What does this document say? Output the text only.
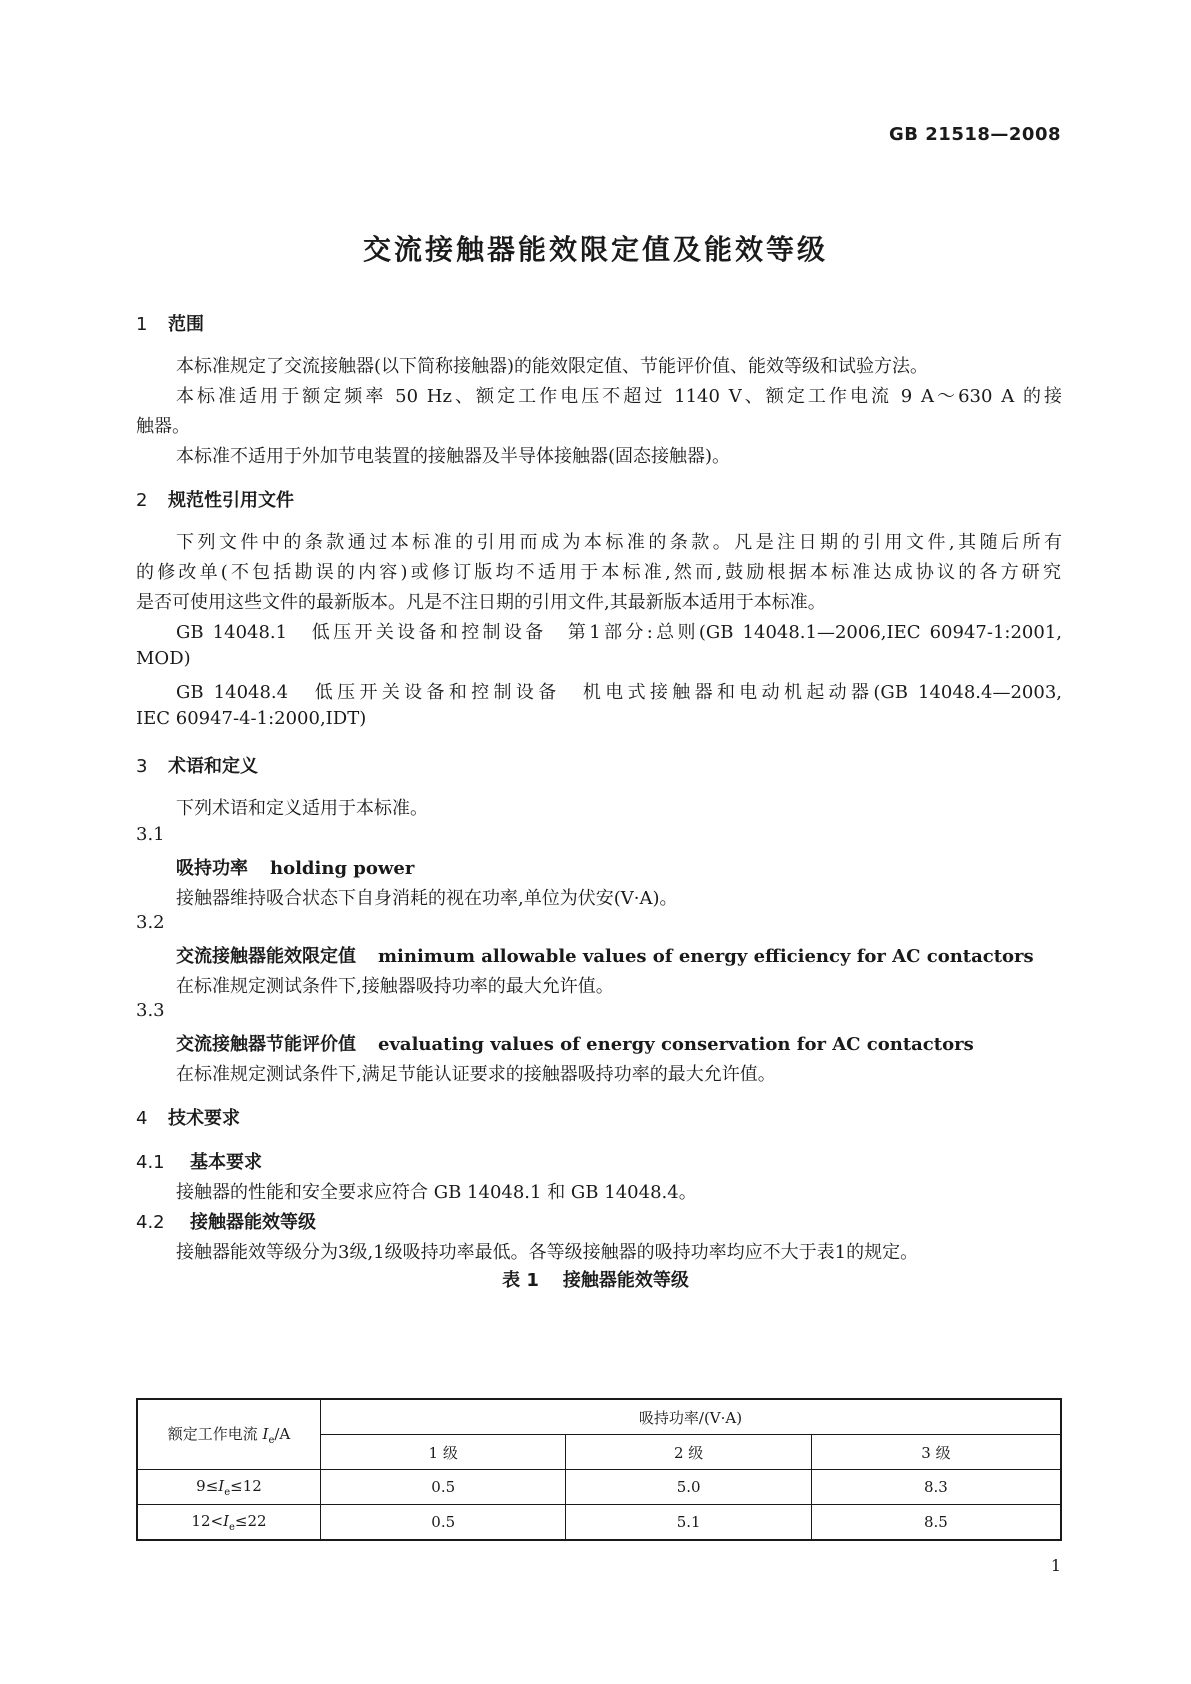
GB 21518—2008
交流接触器能效限定值及能效等级
1 范围
本标准规定了交流接触器(以下简称接触器)的能效限定值、节能评价值、能效等级和试验方法。
本标准适用于额定频率 50 Hz、额定工作电压不超过 1140 V、额定工作电流 9 A～630 A 的接
触器。
本标准不适用于外加节电装置的接触器及半导体接触器(固态接触器)。
2 规范性引用文件
下列文件中的条款通过本标准的引用而成为本标准的条款。凡是注日期的引用文件,其随后所有
的修改单(不包括勘误的内容)或修订版均不适用于本标准,然而,鼓励根据本标准达成协议的各方研究
是否可使用这些文件的最新版本。凡是不注日期的引用文件,其最新版本适用于本标准。
GB 14048.1　低压开关设备和控制设备　第1部分:总则(GB 14048.1—2006,IEC 60947-1:2001,
MOD)
GB 14048.4　低压开关设备和控制设备　机电式接触器和电动机起动器(GB 14048.4—2003,
IEC 60947-4-1:2000,IDT)
3 术语和定义
下列术语和定义适用于本标准。
3.1
吸持功率 holding power
接触器维持吸合状态下自身消耗的视在功率,单位为伏安(V·A)。
3.2
交流接触器能效限定值 minimum allowable values of energy efficiency for AC contactors
在标准规定测试条件下,接触器吸持功率的最大允许值。
3.3
交流接触器节能评价值 evaluating values of energy conservation for AC contactors
在标准规定测试条件下,满足节能认证要求的接触器吸持功率的最大允许值。
4 技术要求
4.1 基本要求
接触器的性能和安全要求应符合 GB 14048.1 和 GB 14048.4。
4.2 接触器能效等级
接触器能效等级分为3级,1级吸持功率最低。各等级接触器的吸持功率均应不大于表1的规定。
表 1 接触器能效等级
额定工作电流 $I_e/A$	吸持功率/(V·A)		
	1 级	2 级	3 级
$9\le I_e\le 12$	0.5	5.0	8.3
$12<I_e\le 22$	0.5	5.1	8.5
1
